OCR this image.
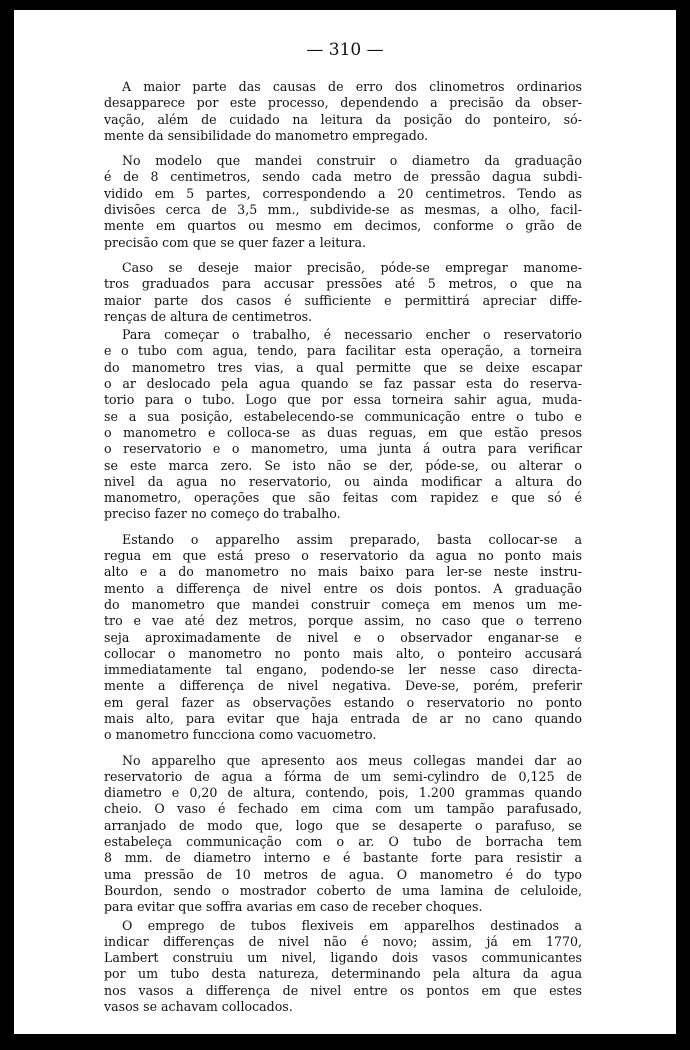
— 310 —
A maior parte das causas de erro dos clinometros ordinarios
desapparece por este processo, dependendo a precisão da obser-
vação, além de cuidado na leitura da posição do ponteiro, só-
mente da sensibilidade do manometro empregado.
No modelo que mandei construir o diametro da graduação
é de 8 centimetros, sendo cada metro de pressão dagua subdi-
vidido em 5 partes, correspondendo a 20 centimetros. Tendo as
divisões cerca de 3,5 mm., subdivide-se as mesmas, a olho, facil-
mente em quartos ou mesmo em decimos, conforme o grão de
precisão com que se quer fazer a leitura.
Caso se deseje maior precisão, póde-se empregar manome-
tros graduados para accusar pressões até 5 metros, o que na
maior parte dos casos é sufficiente e permittirá apreciar diffe-
renças de altura de centimetros.
Para começar o trabalho, é necessario encher o reservatorio
e o tubo com agua, tendo, para facilitar esta operação, a torneira
do manometro tres vias, a qual permitte que se deixe escapar
o ar deslocado pela agua quando se faz passar esta do reserva-
torio para o tubo. Logo que por essa torneira sahir agua, muda-
se a sua posição, estabelecendo-se communicação entre o tubo e
o manometro e colloca-se as duas reguas, em que estão presos
o reservatorio e o manometro, uma junta á outra para verificar
se este marca zero. Se isto não se der, póde-se, ou alterar o
nivel da agua no reservatorio, ou ainda modificar a altura do
manometro, operações que são feitas com rapidez e que só é
preciso fazer no começo do trabalho.
Estando o apparelho assim preparado, basta collocar-se a
regua em que está preso o reservatorio da agua no ponto mais
alto e a do manometro no mais baixo para ler-se neste instru-
mento a differença de nivel entre os dois pontos. A graduação
do manometro que mandei construir começa em menos um me-
tro e vae até dez metros, porque assim, no caso que o terreno
seja aproximadamente de nivel e o observador enganar-se e
collocar o manometro no ponto mais alto, o ponteiro accusará
immediatamente tal engano, podendo-se ler nesse caso directa-
mente a differença de nivel negativa. Deve-se, porém, preferir
em geral fazer as observações estando o reservatorio no ponto
mais alto, para evitar que haja entrada de ar no cano quando
o manometro funcciona como vacuometro.
No apparelho que apresento aos meus collegas mandei dar ao
reservatorio de agua a fórma de um semi-cylindro de 0,125 de
diametro e 0,20 de altura, contendo, pois, 1.200 grammas quando
cheio. O vaso é fechado em cima com um tampão parafusado,
arranjado de modo que, logo que se desaperte o parafuso, se
estabeleça communicação com o ar. O tubo de borracha tem
8 mm. de diametro interno e é bastante forte para resistir a
uma pressão de 10 metros de agua. O manometro é do typo
Bourdon, sendo o mostrador coberto de uma lamina de celuloide,
para evitar que soffra avarias em caso de receber choques.
O emprego de tubos flexiveis em apparelhos destinados a
indicar differenças de nivel não é novo; assim, já em 1770,
Lambert construiu um nivel, ligando dois vasos communicantes
por um tubo desta natureza, determinando pela altura da agua
nos vasos a differença de nivel entre os pontos em que estes
vasos se achavam collocados.
